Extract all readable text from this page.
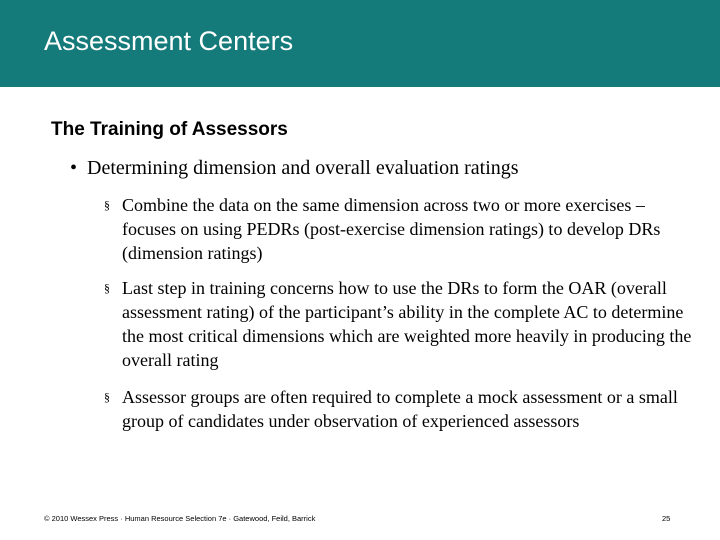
Assessment Centers
The Training of Assessors
• Determining dimension and overall evaluation ratings
§ Combine the data on the same dimension across two or more exercises – focuses on using PEDRs (post-exercise dimension ratings) to develop DRs (dimension ratings)
§ Last step in training concerns how to use the DRs to form the OAR (overall assessment rating) of the participant’s ability in the complete AC to determine the most critical dimensions which are weighted more heavily in producing the overall rating
§ Assessor groups are often required to complete a mock assessment or a small group of candidates under observation of experienced assessors
© 2010 Wessex Press · Human Resource Selection 7e · Gatewood, Feild, Barrick	25
